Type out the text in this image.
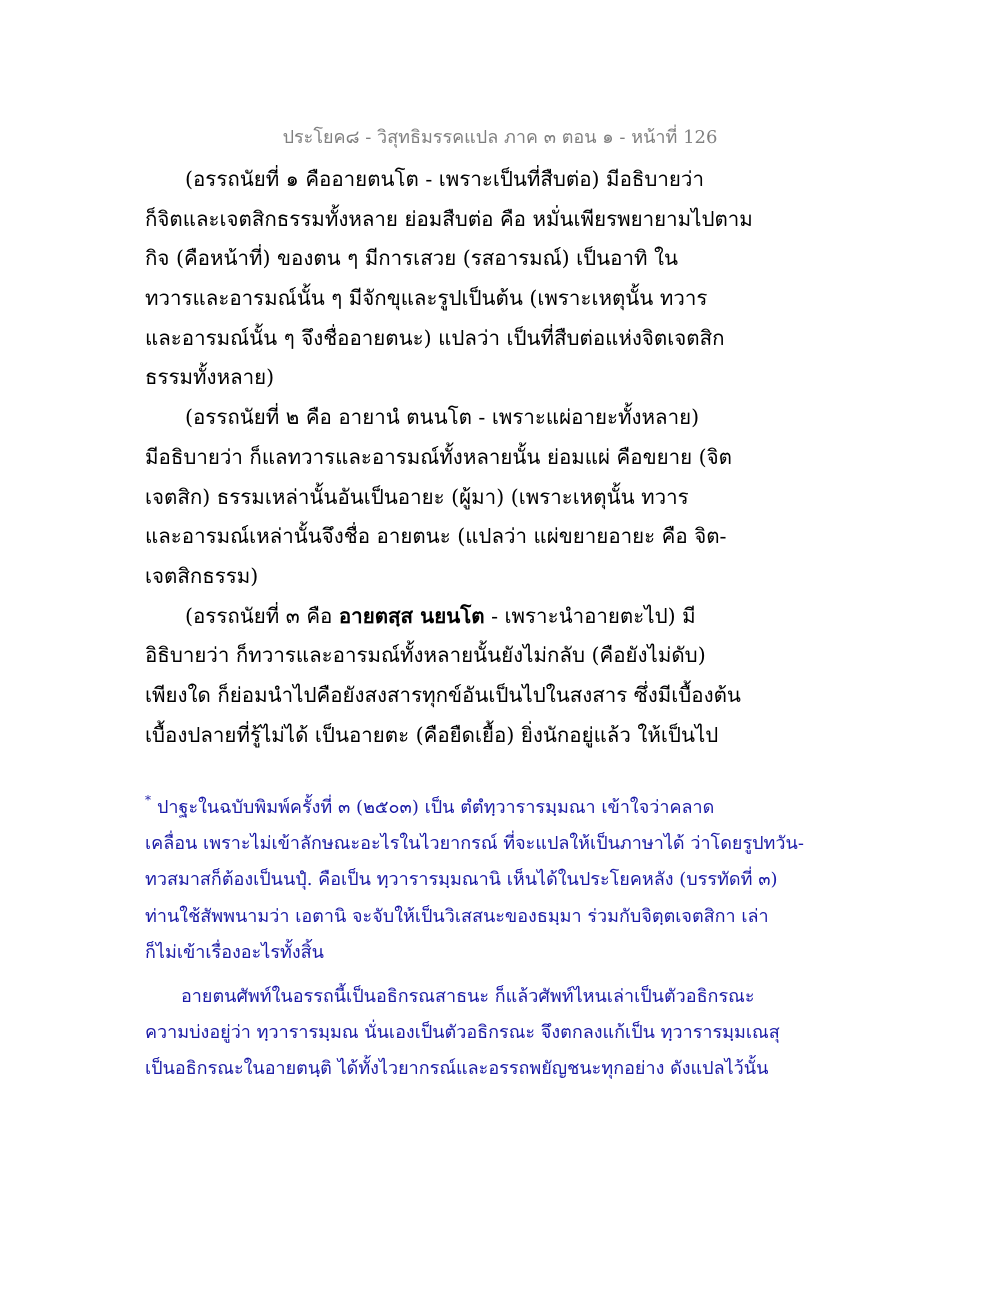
ประโยค๘ - วิสุทธิมรรคแปล ภาค ๓ ตอน ๑ - หน้าที่ 126
(อรรถนัยที่ ๑ คืออายตนโต - เพราะเป็นที่สืบต่อ) มีอธิบายว่า
ก็จิตและเจตสิกธรรมทั้งหลาย ย่อมสืบต่อ คือ หมั่นเพียรพยายามไปตาม
กิจ (คือหน้าที่) ของตน ๆ มีการเสวย (รสอารมณ์) เป็นอาทิ ใน
ทวารและอารมณ์นั้น ๆ มีจักขุและรูปเป็นต้น (เพราะเหตุนั้น ทวาร
และอารมณ์นั้น ๆ จึงชื่ออายตนะ) แปลว่า เป็นที่สืบต่อแห่งจิตเจตสิก
ธรรมทั้งหลาย)
(อรรถนัยที่ ๒ คือ อายานํ ตนนโต - เพราะแผ่อายะทั้งหลาย)
มีอธิบายว่า ก็แลทวารและอารมณ์ทั้งหลายนั้น ย่อมแผ่ คือขยาย (จิต
เจตสิก) ธรรมเหล่านั้นอันเป็นอายะ (ผู้มา) (เพราะเหตุนั้น ทวาร
และอารมณ์เหล่านั้นจึงชื่อ อายตนะ (แปลว่า แผ่ขยายอายะ คือ จิต-
เจตสิกธรรม)
(อรรถนัยที่ ๓ คือ อายตสฺส นยนโต - เพราะนำอายตะไป) มี
อิธิบายว่า ก็ทวารและอารมณ์ทั้งหลายนั้นยังไม่กลับ (คือยังไม่ดับ)
เพียงใด ก็ย่อมนำไปคือยังสงสารทุกข์อันเป็นไปในสงสาร ซึ่งมีเบื้องต้น
เบื้องปลายที่รู้ไม่ได้ เป็นอายตะ (คือยืดเยื้อ) ยิ่งนักอยู่แล้ว ให้เป็นไป
* ปาฐะในฉบับพิมพ์ครั้งที่ ๓ (๒๕๐๓) เป็น ตํตํทฺวารารมฺมณา เข้าใจว่าคลาด
เคลื่อน เพราะไม่เข้าลักษณะอะไรในไวยากรณ์ ที่จะแปลให้เป็นภาษาได้ ว่าโดยรูปทวัน-
ทวสมาสก็ต้องเป็นนปุํ. คือเป็น ทฺวารารมฺมณานิ เห็นได้ในประโยคหลัง (บรรทัดที่ ๓)
ท่านใช้สัพพนามว่า เอตานิ จะจับให้เป็นวิเสสนะของธมฺมา ร่วมกับจิตฺตเจตสิกา เล่า
ก็ไม่เข้าเรื่องอะไรทั้งสิ้น
อายตนศัพท์ในอรรถนี้เป็นอธิกรณสาธนะ ก็แล้วศัพท์ไหนเล่าเป็นตัวอธิกรณะ
ความบ่งอยู่ว่า ทฺวารารมฺมณ นั่นเองเป็นตัวอธิกรณะ จึงตกลงแก้เป็น ทฺวารารมฺมเณสุ
เป็นอธิกรณะในอายตนฺติ ได้ทั้งไวยากรณ์และอรรถพยัญชนะทุกอย่าง ดังแปลไว้นั้น
